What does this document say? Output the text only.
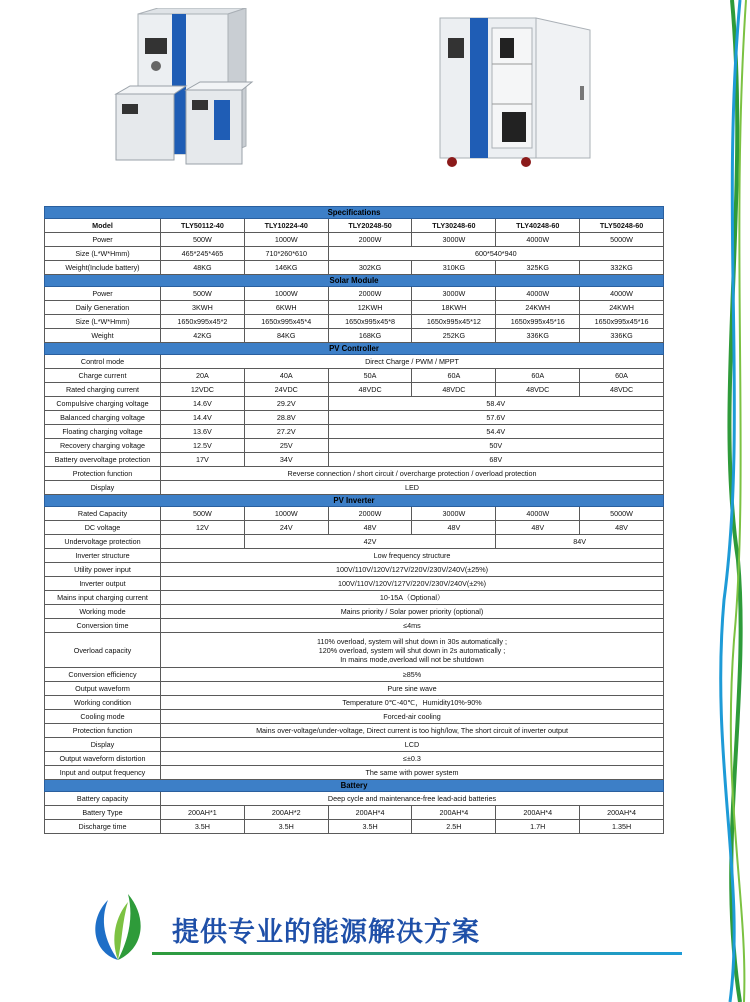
Specifications						
Model	TLY50112-40	TLY10224-40	TLY20248-50	TLY30248-60	TLY40248-60	TLY50248-60
Power	500W	1000W	2000W	3000W	4000W	5000W
Size (L*W*Hmm)	465*245*465	710*260*610	600*540*940			
Weight(Include battery)	48KG	146KG	302KG	310KG	325KG	332KG
Solar Module						
Power	500W	1000W	2000W	3000W	4000W	4000W
Daily Generation	3KWH	6KWH	12KWH	18KWH	24KWH	24KWH
Size (L*W*Hmm)	1650x995x45*2	1650x995x45*4	1650x995x45*8	1650x995x45*12	1650x995x45*16	1650x995x45*16
Weight	42KG	84KG	168KG	252KG	336KG	336KG
PV Controller						
Control mode	Direct Charge / PWM / MPPT					
Charge current	20A	40A	50A	60A	60A	60A
Rated charging current	12VDC	24VDC	48VDC	48VDC	48VDC	48VDC
Compulsive charging voltage	14.6V	29.2V	58.4V			
Balanced charging voltage	14.4V	28.8V	57.6V			
Floating charging voltage	13.6V	27.2V	54.4V			
Recovery charging voltage	12.5V	25V	50V			
Battery overvoltage protection	17V	34V	68V			
Protection function	Reverse connection / short circuit / overcharge protection / overload protection					
Display	LED					
PV Inverter						
Rated Capacity	500W	1000W	2000W	3000W	4000W	5000W
DC voltage	12V	24V	48V	48V	48V	48V
Undervoltage protection		42V			84V	
Inverter structure	Low frequency structure					
Utility power input	100V/110V/120V/127V/220V/230V/240V(±25%)					
Inverter output	100V/110V/120V/127V/220V/230V/240V(±2%)					
Mains input charging current	10-15A（Optional）					
Working mode	Mains priority / Solar power priority (optional)					
Conversion time	≤4ms					
Overload capacity	110% overload, system will shut down in 30s automatically ;
120% overload, system will shut down in 2s automatically ;
In mains mode,overload will not be shutdown					

Conversion efficiency	≥85%					
Output waveform	Pure sine wave					
Working condition	Temperature 0℃-40℃，Humidity10%-90%					
Cooling mode	Forced-air cooling					
Protection function	Mains over-voltage/under-voltage, Direct current is too high/low, The short circuit of inverter output					
Display	LCD					
Output waveform distortion	≤±0.3					
Input and output frequency	The same with power system					
Battery						
Battery capacity	Deep cycle and maintenance-free lead-acid batteries					
Battery Type	200AH*1	200AH*2	200AH*4	200AH*4	200AH*4	200AH*4
Discharge time	3.5H	3.5H	3.5H	2.5H	1.7H	1.35H
提供专业的能源解决方案
